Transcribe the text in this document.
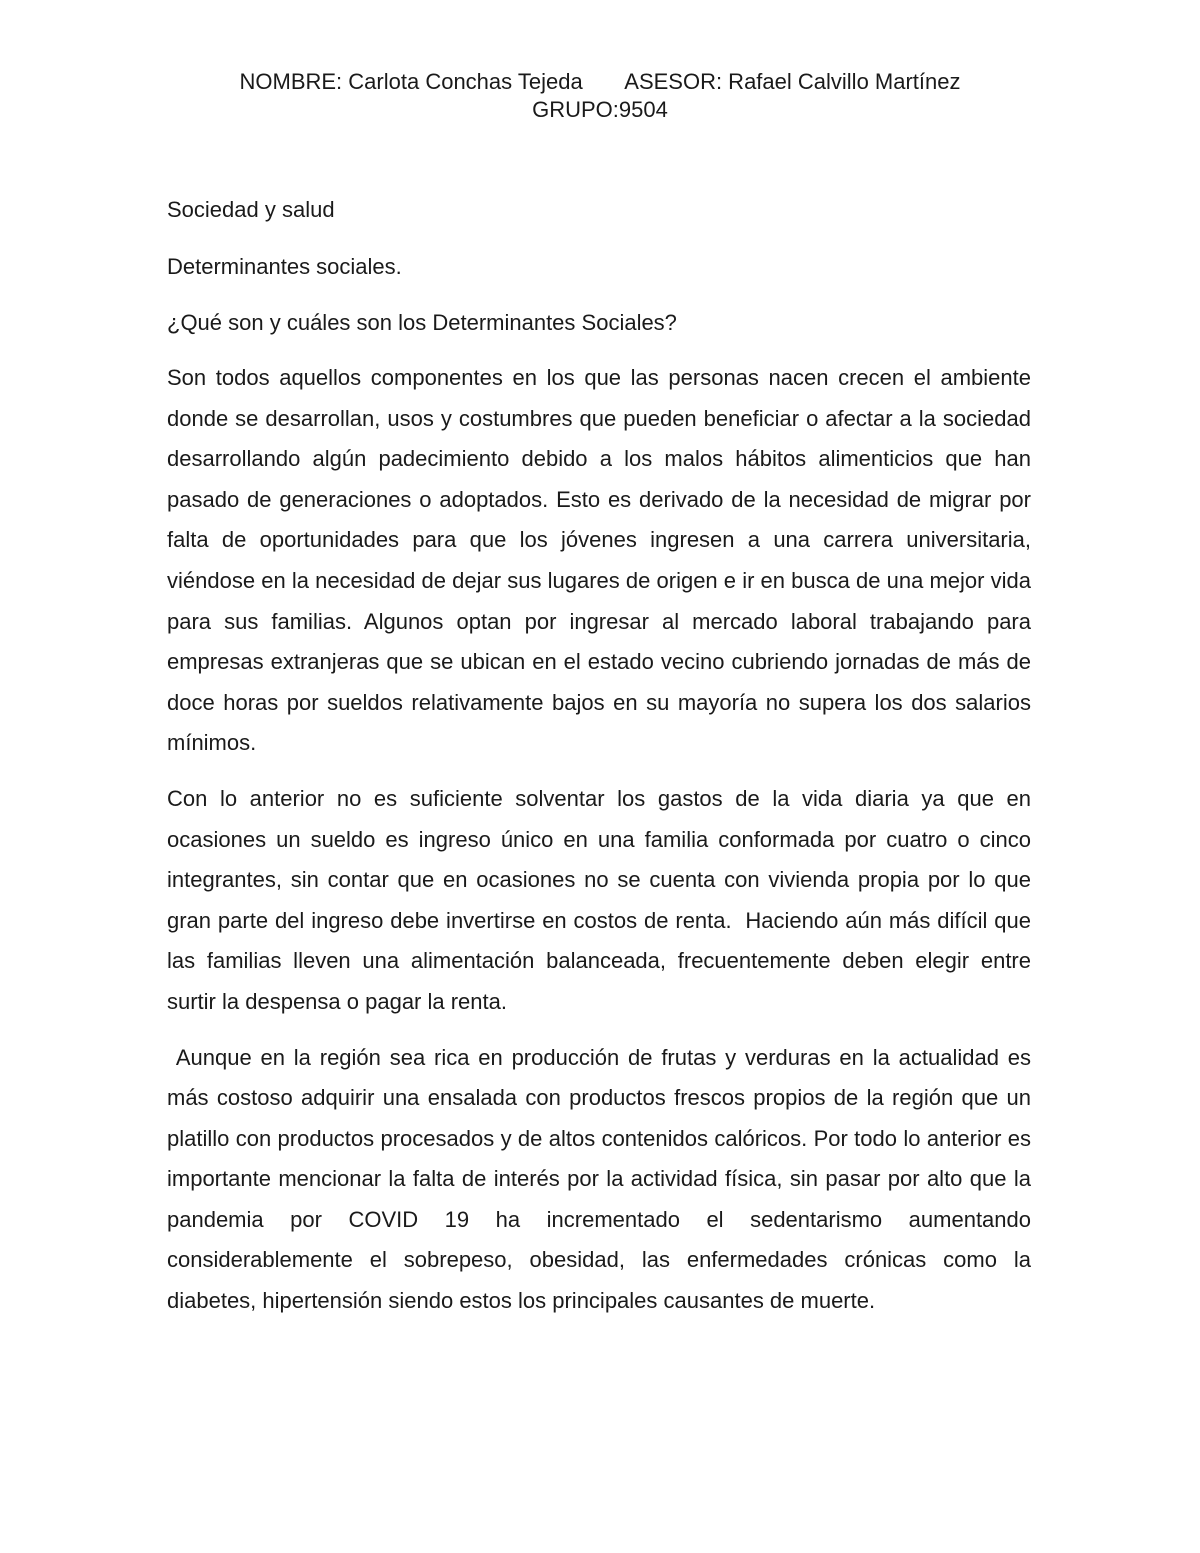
NOMBRE: Carlota Conchas Tejeda       ASESOR: Rafael Calvillo Martínez
GRUPO:9504

Sociedad y salud

Determinantes sociales.

¿Qué son y cuáles son los Determinantes Sociales?

Son todos aquellos componentes en los que las personas nacen crecen el ambiente donde se desarrollan, usos y costumbres que pueden beneficiar o afectar a la sociedad desarrollando algún padecimiento debido a los malos hábitos alimenticios que han pasado de generaciones o adoptados. Esto es derivado de la necesidad de migrar por falta de oportunidades para que los jóvenes ingresen a una carrera universitaria, viéndose en la necesidad de dejar sus lugares de origen e ir en busca de una mejor vida para sus familias. Algunos optan por ingresar al mercado laboral trabajando para empresas extranjeras que se ubican en el estado vecino cubriendo jornadas de más de doce horas por sueldos relativamente bajos en su mayoría no supera los dos salarios mínimos.

Con lo anterior no es suficiente solventar los gastos de la vida diaria ya que en ocasiones un sueldo es ingreso único en una familia conformada por cuatro o cinco integrantes, sin contar que en ocasiones no se cuenta con vivienda propia por lo que gran parte del ingreso debe invertirse en costos de renta.  Haciendo aún más difícil que las familias lleven una alimentación balanceada, frecuentemente deben elegir entre surtir la despensa o pagar la renta.

Aunque en la región sea rica en producción de frutas y verduras en la actualidad es más costoso adquirir una ensalada con productos frescos propios de la región que un platillo con productos procesados y de altos contenidos calóricos. Por todo lo anterior es importante mencionar la falta de interés por la actividad física, sin pasar por alto que la pandemia por COVID 19 ha incrementado el sedentarismo aumentando considerablemente el sobrepeso, obesidad, las enfermedades crónicas como la diabetes, hipertensión siendo estos los principales causantes de muerte.
